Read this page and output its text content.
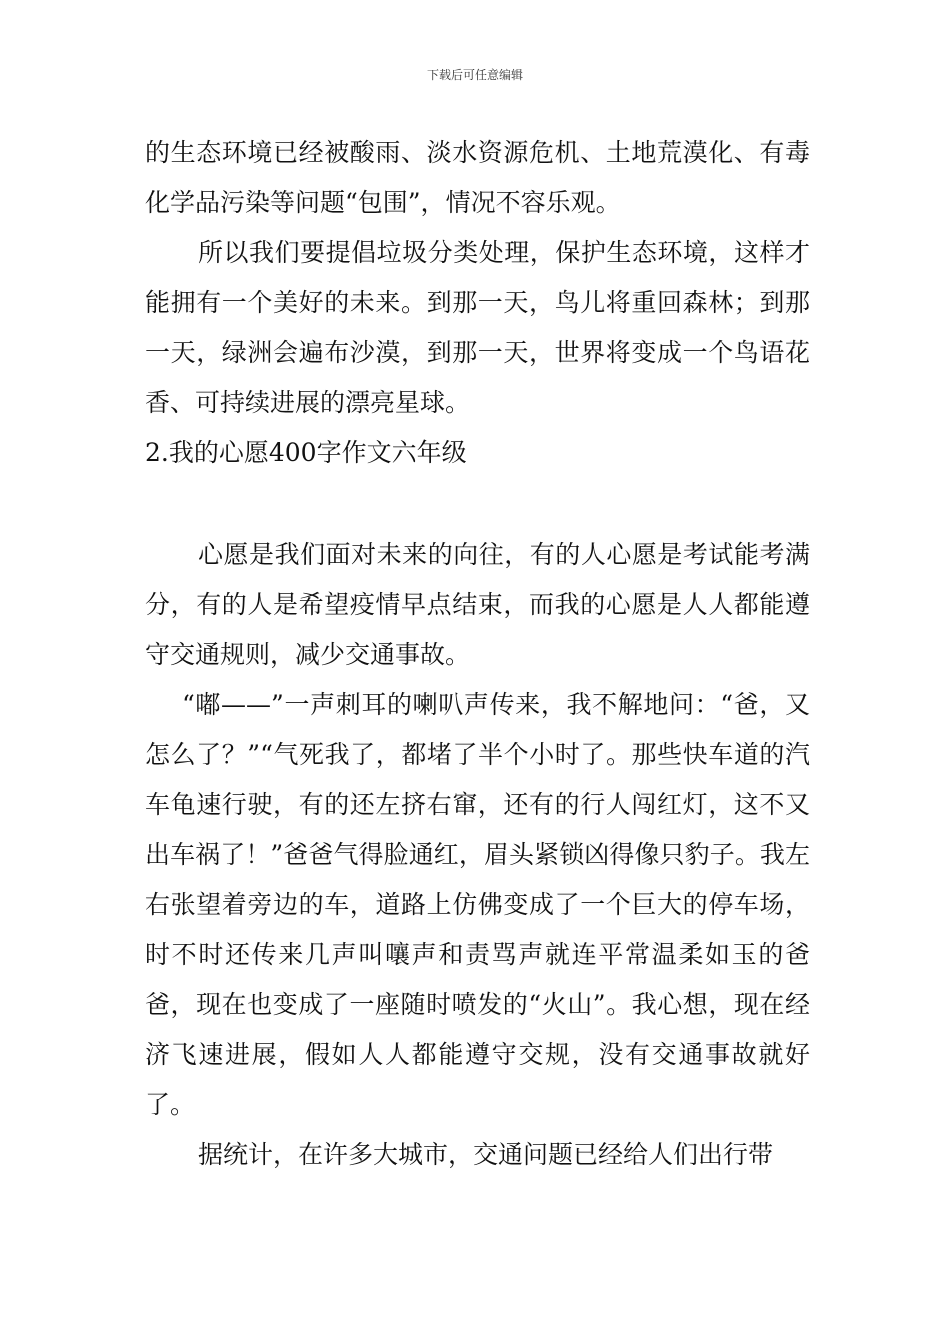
下载后可任意编辑

的生态环境已经被酸雨、淡水资源危机、土地荒漠化、有毒化学品污染等问题“包围”，情况不容乐观。

所以我们要提倡垃圾分类处理，保护生态环境，这样才能拥有一个美好的未来。到那一天，鸟儿将重回森林；到那一天，绿洲会遍布沙漠，到那一天，世界将变成一个鸟语花香、可持续进展的漂亮星球。

2.我的心愿400字作文六年级

心愿是我们面对未来的向往，有的人心愿是考试能考满分，有的人是希望疫情早点结束，而我的心愿是人人都能遵守交通规则，减少交通事故。

“嘟——”一声刺耳的喇叭声传来，我不解地问：“爸，又怎么了？”“气死我了，都堵了半个小时了。那些快车道的汽车龟速行驶，有的还左挤右窜，还有的行人闯红灯，这不又出车祸了！”爸爸气得脸通红，眉头紧锁凶得像只豹子。我左右张望着旁边的车，道路上仿佛变成了一个巨大的停车场，时不时还传来几声叫嚷声和责骂声就连平常温柔如玉的爸爸，现在也变成了一座随时喷发的“火山”。我心想，现在经济飞速进展，假如人人都能遵守交规，没有交通事故就好了。

据统计，在许多大城市，交通问题已经给人们出行带
